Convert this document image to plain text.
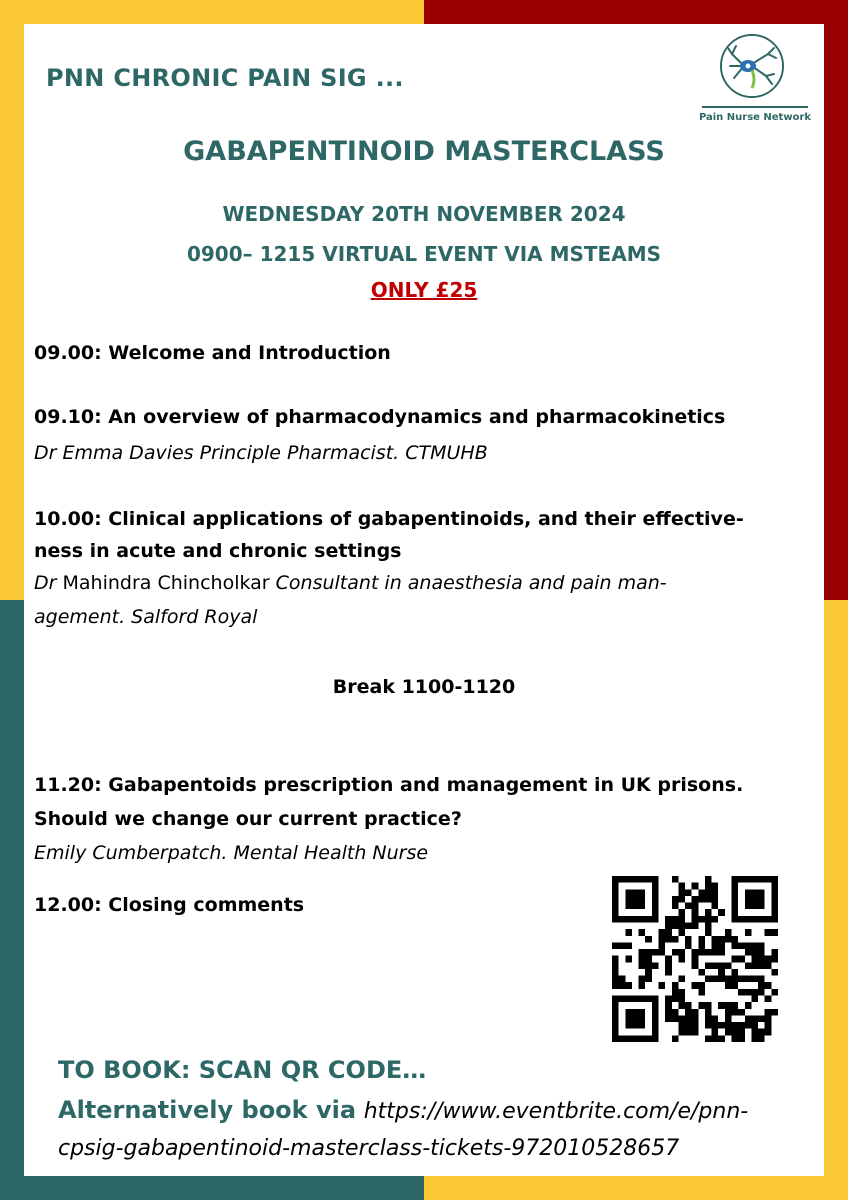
PNN CHRONIC PAIN SIG ...
Pain Nurse Network
GABAPENTINOID MASTERCLASS
WEDNESDAY 20TH NOVEMBER 2024
0900– 1215 VIRTUAL EVENT VIA MSTEAMS
ONLY £25
09.00: Welcome and Introduction
09.10: An overview of pharmacodynamics and pharmacokinetics
Dr Emma Davies Principle Pharmacist. CTMUHB
10.00: Clinical applications of gabapentinoids, and their effective-
ness in acute and chronic settings
Dr Mahindra Chincholkar Consultant in anaesthesia and pain man-
agement. Salford Royal
Break 1100-1120
11.20: Gabapentoids prescription and management in UK prisons.
Should we change our current practice?
Emily Cumberpatch. Mental Health Nurse
12.00: Closing comments
TO BOOK: SCAN QR CODE…
Alternatively book via https://www.eventbrite.com/e/pnn-
cpsig-gabapentinoid-masterclass-tickets-972010528657
